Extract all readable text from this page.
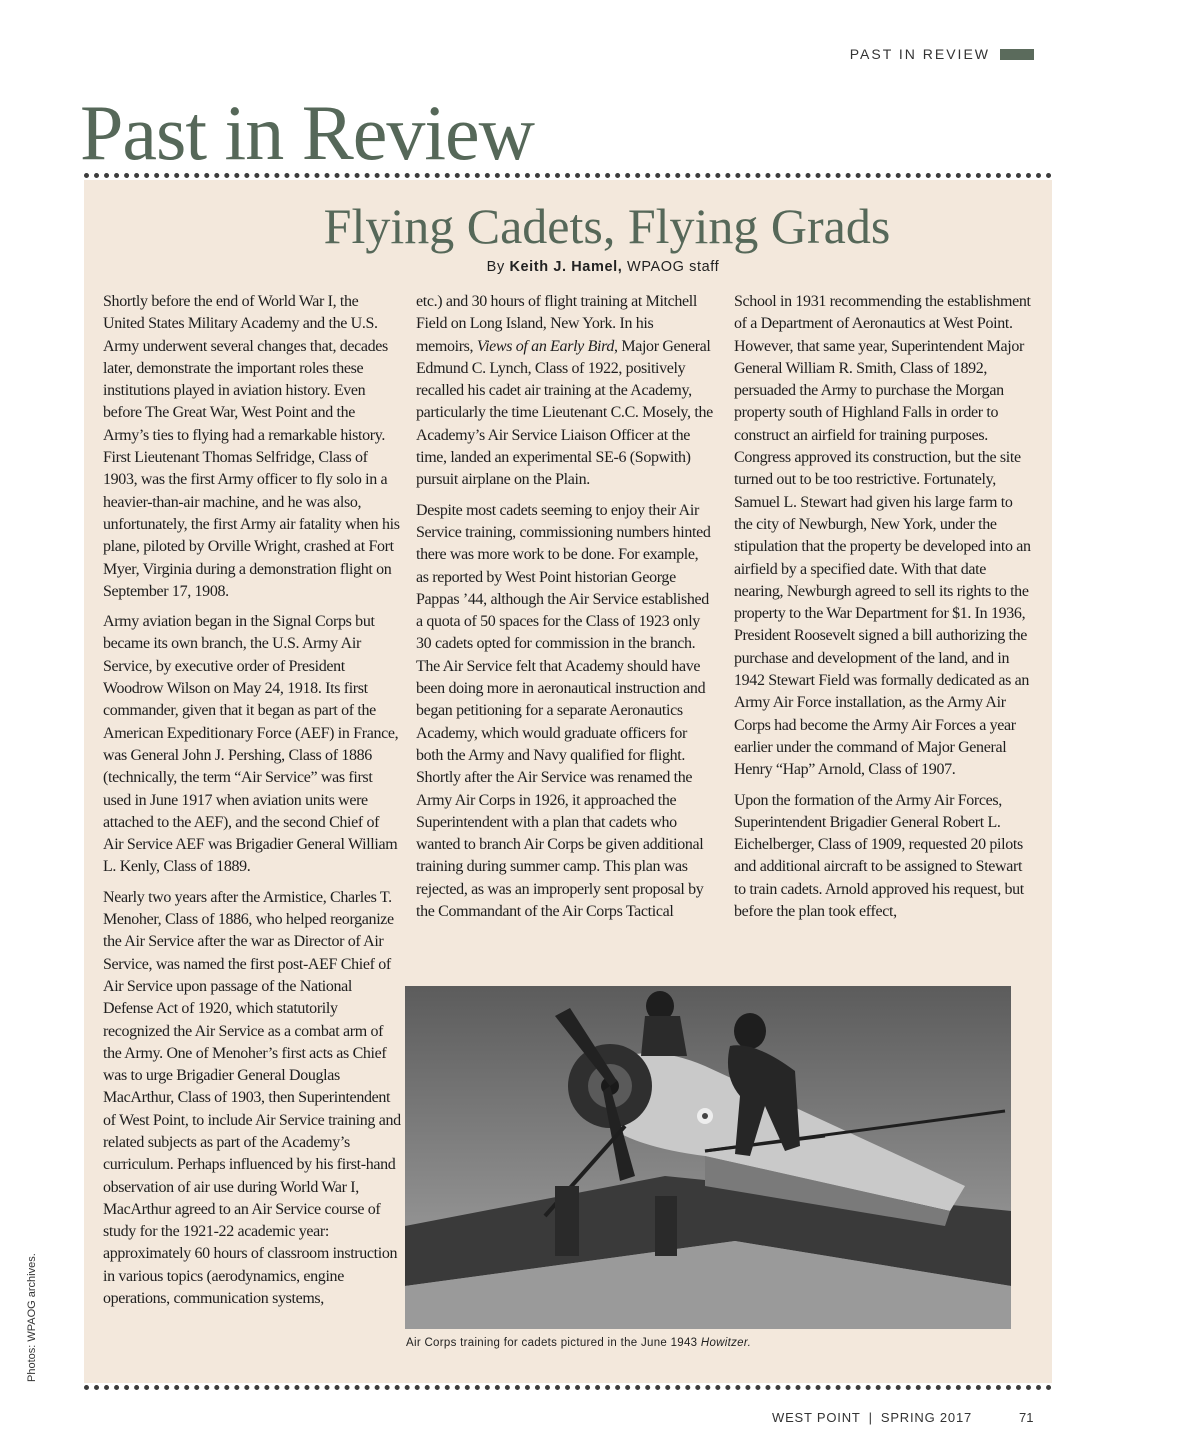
PAST IN REVIEW
Past in Review
Flying Cadets, Flying Grads
By Keith J. Hamel, WPAOG staff

Shortly before the end of World War I, the United States Military Academy and the U.S. Army underwent several changes that, decades later, demonstrate the important roles these institutions played in aviation history. Even before The Great War, West Point and the Army’s ties to flying had a remarkable history. First Lieutenant Thomas Selfridge, Class of 1903, was the first Army officer to fly solo in a heavier-than-air machine, and he was also, unfortunately, the first Army air fatality when his plane, piloted by Orville Wright, crashed at Fort Myer, Virginia during a demonstration flight on September 17, 1908.

Army aviation began in the Signal Corps but became its own branch, the U.S. Army Air Service, by executive order of President Woodrow Wilson on May 24, 1918. Its first commander, given that it began as part of the American Expeditionary Force (AEF) in France, was General John J. Pershing, Class of 1886 (technically, the term “Air Service” was first used in June 1917 when aviation units were attached to the AEF), and the second Chief of Air Service AEF was Brigadier General William L. Kenly, Class of 1889.

Nearly two years after the Armistice, Charles T. Menoher, Class of 1886, who helped reorganize the Air Service after the war as Director of Air Service, was named the first post-AEF Chief of Air Service upon passage of the National Defense Act of 1920, which statutorily recognized the Air Service as a combat arm of the Army. One of Menoher’s first acts as Chief was to urge Brigadier General Douglas MacArthur, Class of 1903, then Superintendent of West Point, to include Air Service training and related subjects as part of the Academy’s curriculum. Perhaps influenced by his first-hand observation of air use during World War I, MacArthur agreed to an Air Service course of study for the 1921-22 academic year: approximately 60 hours of classroom instruction in various topics (aerodynamics, engine operations, communication systems,

etc.) and 30 hours of flight training at Mitchell Field on Long Island, New York. In his memoirs, Views of an Early Bird, Major General Edmund C. Lynch, Class of 1922, positively recalled his cadet air training at the Academy, particularly the time Lieutenant C.C. Mosely, the Academy’s Air Service Liaison Officer at the time, landed an experimental SE-6 (Sopwith) pursuit airplane on the Plain.

Despite most cadets seeming to enjoy their Air Service training, commissioning numbers hinted there was more work to be done. For example, as reported by West Point historian George Pappas ’44, although the Air Service established a quota of 50 spaces for the Class of 1923 only 30 cadets opted for commission in the branch. The Air Service felt that Academy should have been doing more in aeronautical instruction and began petitioning for a separate Aeronautics Academy, which would graduate officers for both the Army and Navy qualified for flight. Shortly after the Air Service was renamed the Army Air Corps in 1926, it approached the Superintendent with a plan that cadets who wanted to branch Air Corps be given additional training during summer camp. This plan was rejected, as was an improperly sent proposal by the Commandant of the Air Corps Tactical

School in 1931 recommending the establishment of a Department of Aeronautics at West Point. However, that same year, Superintendent Major General William R. Smith, Class of 1892, persuaded the Army to purchase the Morgan property south of Highland Falls in order to construct an airfield for training purposes. Congress approved its construction, but the site turned out to be too restrictive. Fortunately, Samuel L. Stewart had given his large farm to the city of Newburgh, New York, under the stipulation that the property be developed into an airfield by a specified date. With that date nearing, Newburgh agreed to sell its rights to the property to the War Department for $1. In 1936, President Roosevelt signed a bill authorizing the purchase and development of the land, and in 1942 Stewart Field was formally dedicated as an Army Air Force installation, as the Army Air Corps had become the Army Air Forces a year earlier under the command of Major General Henry “Hap” Arnold, Class of 1907.

Upon the formation of the Army Air Forces, Superintendent Brigadier General Robert L. Eichelberger, Class of 1909, requested 20 pilots and additional aircraft to be assigned to Stewart to train cadets. Arnold approved his request, but before the plan took effect,

Air Corps training for cadets pictured in the June 1943 Howitzer.
Photos: WPAOG archives.
WEST POINT | SPRING 2017	71
